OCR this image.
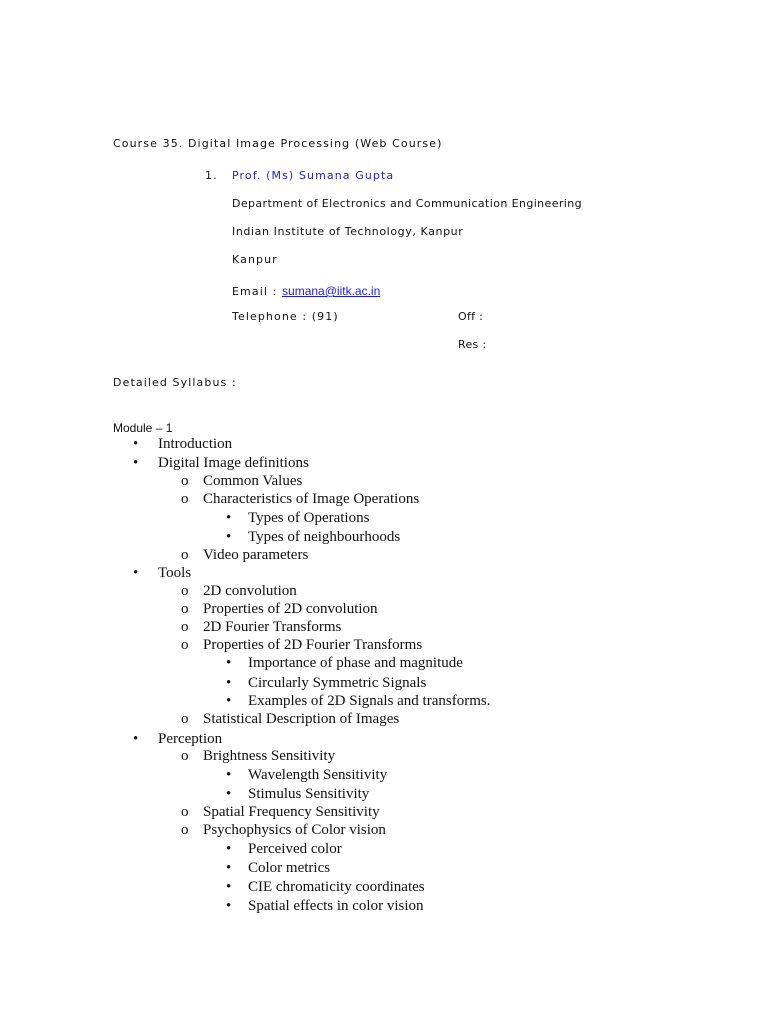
Course 35. Digital Image Processing (Web Course)
1. Prof. (Ms) Sumana Gupta
Department of Electronics and Communication Engineering
Indian Institute of Technology, Kanpur
Kanpur
Email : sumana@iitk.ac.in
Telephone : (91)	Off :
Res :
Detailed Syllabus :
Module – 1
• Introduction
• Digital Image definitions
o Common Values
o Characteristics of Image Operations
• Types of Operations
• Types of neighbourhoods
o Video parameters
• Tools
o 2D convolution
o Properties of 2D convolution
o 2D Fourier Transforms
o Properties of 2D Fourier Transforms
• Importance of phase and magnitude
• Circularly Symmetric Signals
• Examples of 2D Signals and transforms.
o Statistical Description of Images
• Perception
o Brightness Sensitivity
• Wavelength Sensitivity
• Stimulus Sensitivity
o Spatial Frequency Sensitivity
o Psychophysics of Color vision
• Perceived color
• Color metrics
• CIE chromaticity coordinates
• Spatial effects in color vision
